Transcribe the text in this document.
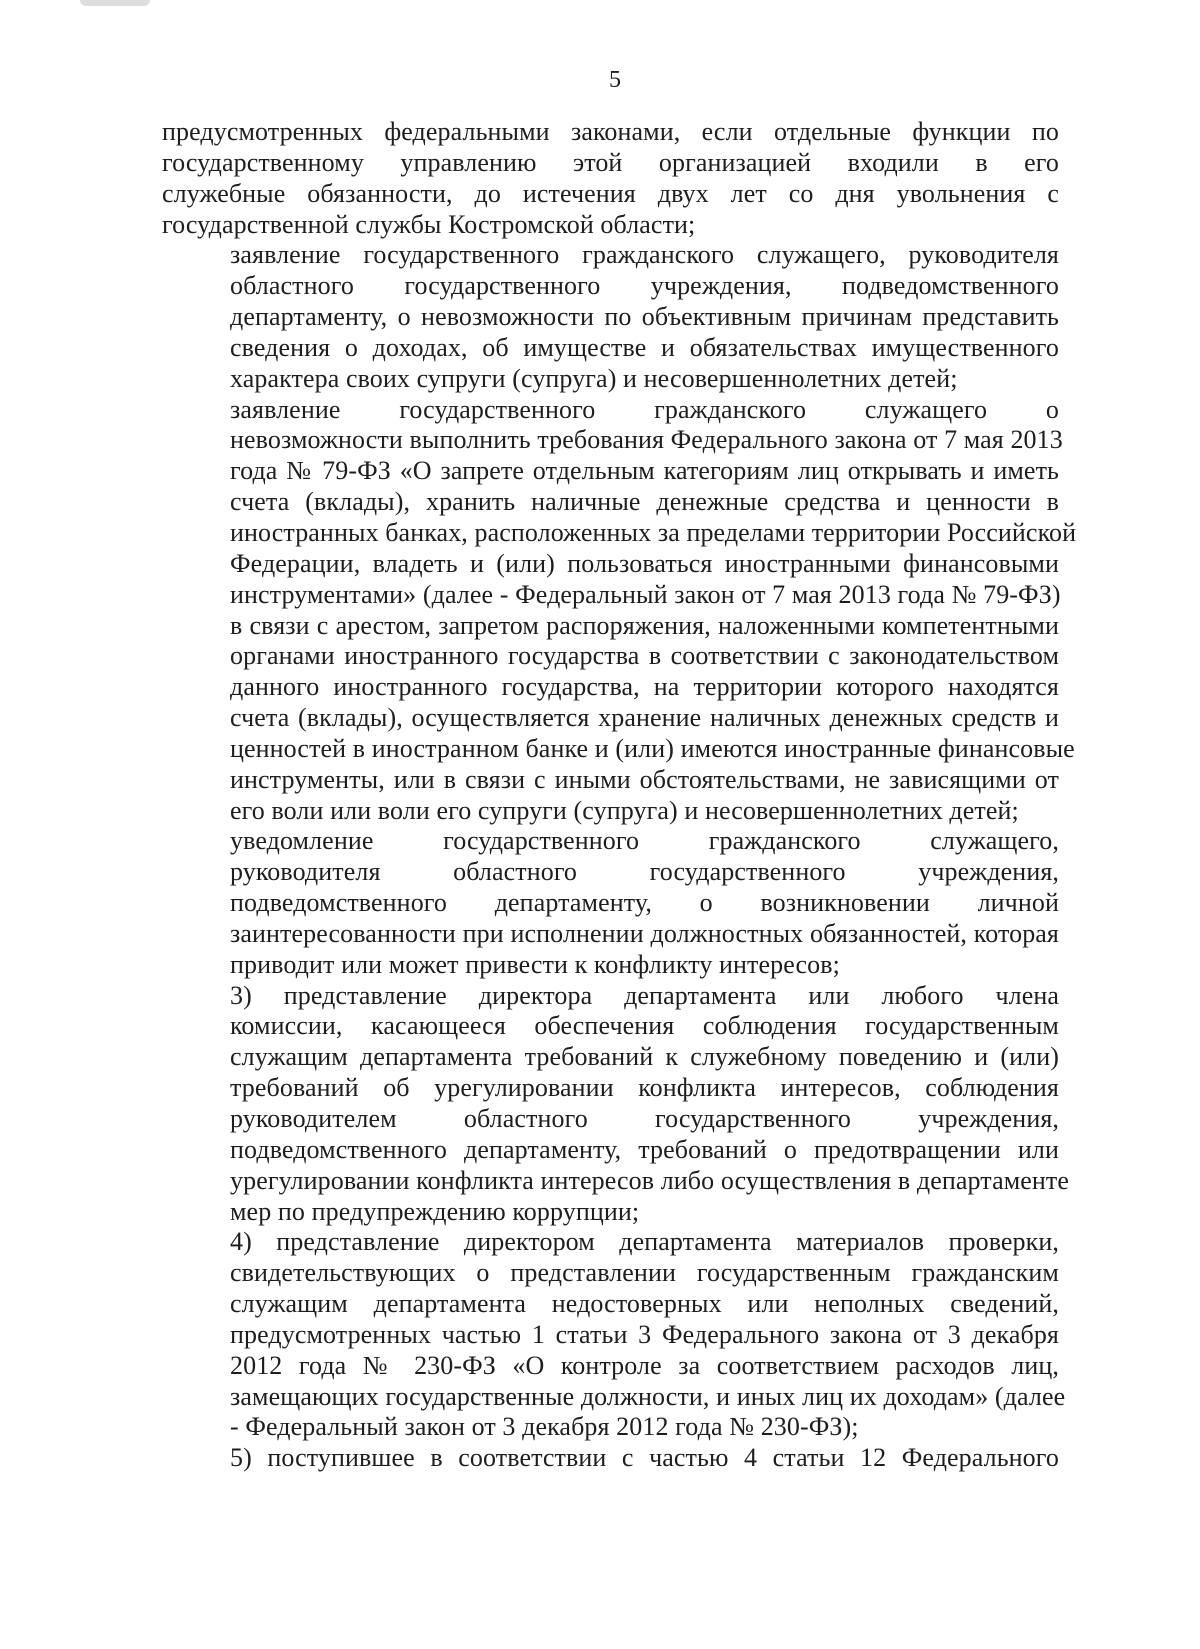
5

предусмотренных федеральными законами, если отдельные функции по
государственному управлению этой организацией входили в его
служебные обязанности, до истечения двух лет со дня увольнения с
государственной службы Костромской области;

заявление государственного гражданского служащего, руководителя
областного государственного учреждения, подведомственного
департаменту, о невозможности по объективным причинам представить
сведения о доходах, об имуществе и обязательствах имущественного
характера своих супруги (супруга) и несовершеннолетних детей;

заявление государственного гражданского служащего о
невозможности выполнить требования Федерального закона от 7 мая 2013
года № 79-ФЗ «О запрете отдельным категориям лиц открывать и иметь
счета (вклады), хранить наличные денежные средства и ценности в
иностранных банках, расположенных за пределами территории Российской
Федерации, владеть и (или) пользоваться иностранными финансовыми
инструментами» (далее - Федеральный закон от 7 мая 2013 года № 79-ФЗ)
в связи с арестом, запретом распоряжения, наложенными компетентными
органами иностранного государства в соответствии с законодательством
данного иностранного государства, на территории которого находятся
счета (вклады), осуществляется хранение наличных денежных средств и
ценностей в иностранном банке и (или) имеются иностранные финансовые
инструменты, или в связи с иными обстоятельствами, не зависящими от
его воли или воли его супруги (супруга) и несовершеннолетних детей;

уведомление государственного гражданского служащего,
руководителя областного государственного учреждения,
подведомственного департаменту, о возникновении личной
заинтересованности при исполнении должностных обязанностей, которая
приводит или может привести к конфликту интересов;

3) представление директора департамента или любого члена
комиссии, касающееся обеспечения соблюдения государственным
служащим департамента требований к служебному поведению и (или)
требований об урегулировании конфликта интересов, соблюдения
руководителем областного государственного учреждения,
подведомственного департаменту, требований о предотвращении или
урегулировании конфликта интересов либо осуществления в департаменте
мер по предупреждению коррупции;

4) представление директором департамента материалов проверки,
свидетельствующих о представлении государственным гражданским
служащим департамента недостоверных или неполных сведений,
предусмотренных частью 1 статьи 3 Федерального закона от 3 декабря
2012 года № 230-ФЗ «О контроле за соответствием расходов лиц,
замещающих государственные должности, и иных лиц их доходам» (далее
- Федеральный закон от 3 декабря 2012 года № 230-ФЗ);

5) поступившее в соответствии с частью 4 статьи 12 Федерального
